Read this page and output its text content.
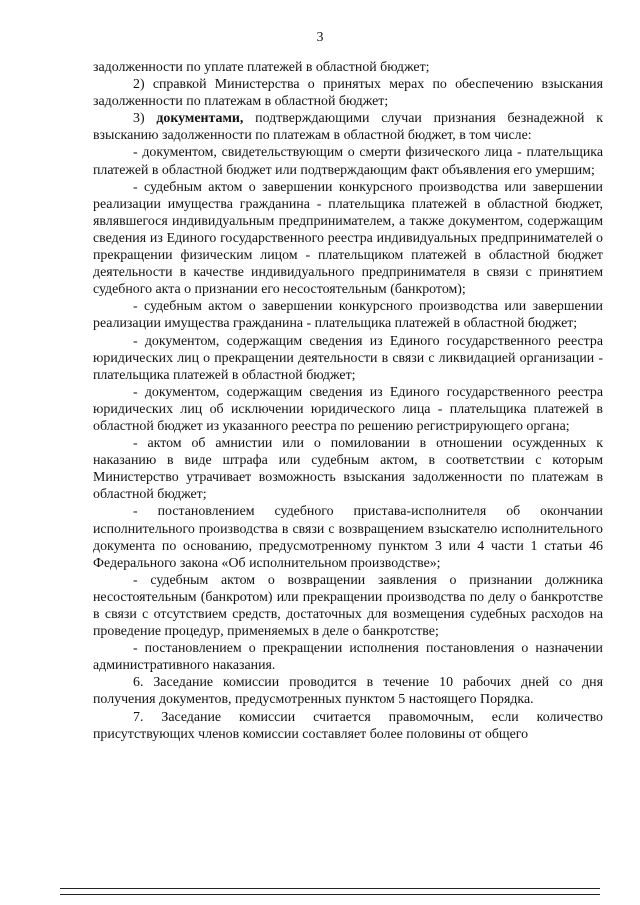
3

задолженности по уплате платежей в областной бюджет;

2) справкой Министерства о принятых мерах по обеспечению взыскания задолженности по платежам в областной бюджет;

3) документами, подтверждающими случаи признания безнадежной к взысканию задолженности по платежам в областной бюджет, в том числе:

- документом, свидетельствующим о смерти физического лица - плательщика платежей в областной бюджет или подтверждающим факт объявления его умершим;

- судебным актом о завершении конкурсного производства или завершении реализации имущества гражданина - плательщика платежей в областной бюджет, являвшегося индивидуальным предпринимателем, а также документом, содержащим сведения из Единого государственного реестра индивидуальных предпринимателей о прекращении физическим лицом - плательщиком платежей в областной бюджет деятельности в качестве индивидуального предпринимателя в связи с принятием судебного акта о признании его несостоятельным (банкротом);

- судебным актом о завершении конкурсного производства или завершении реализации имущества гражданина - плательщика платежей в областной бюджет;

- документом, содержащим сведения из Единого государственного реестра юридических лиц о прекращении деятельности в связи с ликвидацией организации - плательщика платежей в областной бюджет;

- документом, содержащим сведения из Единого государственного реестра юридических лиц об исключении юридического лица - плательщика платежей в областной бюджет из указанного реестра по решению регистрирующего органа;

- актом об амнистии или о помиловании в отношении осужденных к наказанию в виде штрафа или судебным актом, в соответствии с которым Министерство утрачивает возможность взыскания задолженности по платежам в областной бюджет;

- постановлением судебного пристава-исполнителя об окончании исполнительного производства в связи с возвращением взыскателю исполнительного документа по основанию, предусмотренному пунктом 3 или 4 части 1 статьи 46 Федерального закона «Об исполнительном производстве»;

- судебным актом о возвращении заявления о признании должника несостоятельным (банкротом) или прекращении производства по делу о банкротстве в связи с отсутствием средств, достаточных для возмещения судебных расходов на проведение процедур, применяемых в деле о банкротстве;

- постановлением о прекращении исполнения постановления о назначении административного наказания.

6. Заседание комиссии проводится в течение 10 рабочих дней со дня получения документов, предусмотренных пунктом 5 настоящего Порядка.

7. Заседание комиссии считается правомочным, если количество присутствующих членов комиссии составляет более половины от общего
